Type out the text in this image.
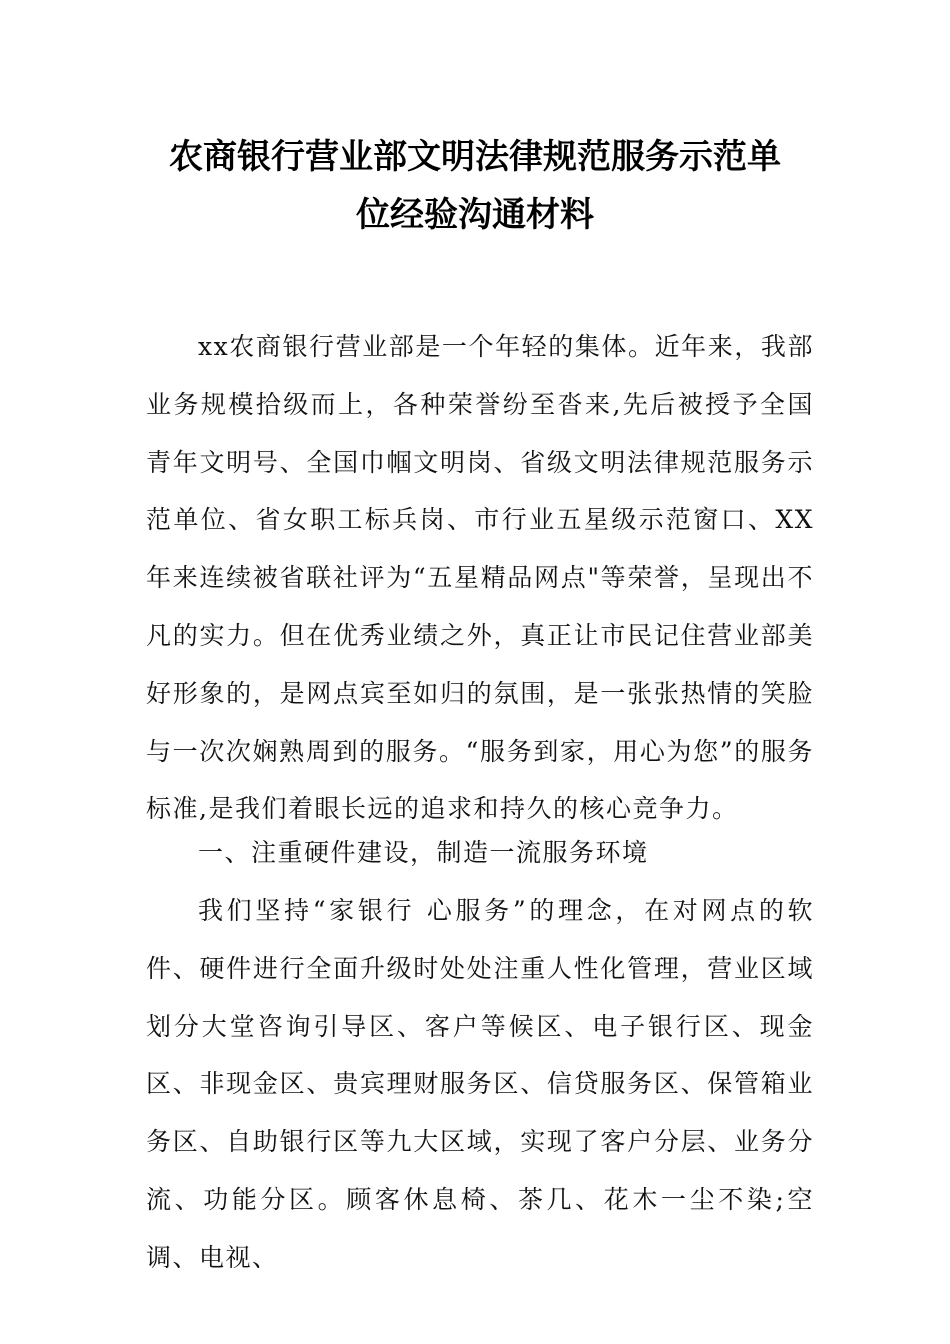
农商银行营业部文明法律规范服务示范单
位经验沟通材料

xx农商银行营业部是一个年轻的集体。近年来，我部业务规模拾级而上，各种荣誉纷至沓来,先后被授予全国青年文明号、全国巾帼文明岗、省级文明法律规范服务示范单位、省女职工标兵岗、市行业五星级示范窗口、XX年来连续被省联社评为“五星精品网点"等荣誉，呈现出不凡的实力。但在优秀业绩之外，真正让市民记住营业部美好形象的，是网点宾至如归的氛围，是一张张热情的笑脸与一次次娴熟周到的服务。“服务到家，用心为您”的服务标准,是我们着眼长远的追求和持久的核心竞争力。

一、注重硬件建设，制造一流服务环境

我们坚持“家银行 心服务”的理念，在对网点的软件、硬件进行全面升级时处处注重人性化管理，营业区域划分大堂咨询引导区、客户等候区、电子银行区、现金区、非现金区、贵宾理财服务区、信贷服务区、保管箱业务区、自助银行区等九大区域，实现了客户分层、业务分流、功能分区。顾客休息椅、茶几、花木一尘不染;空调、电视、
